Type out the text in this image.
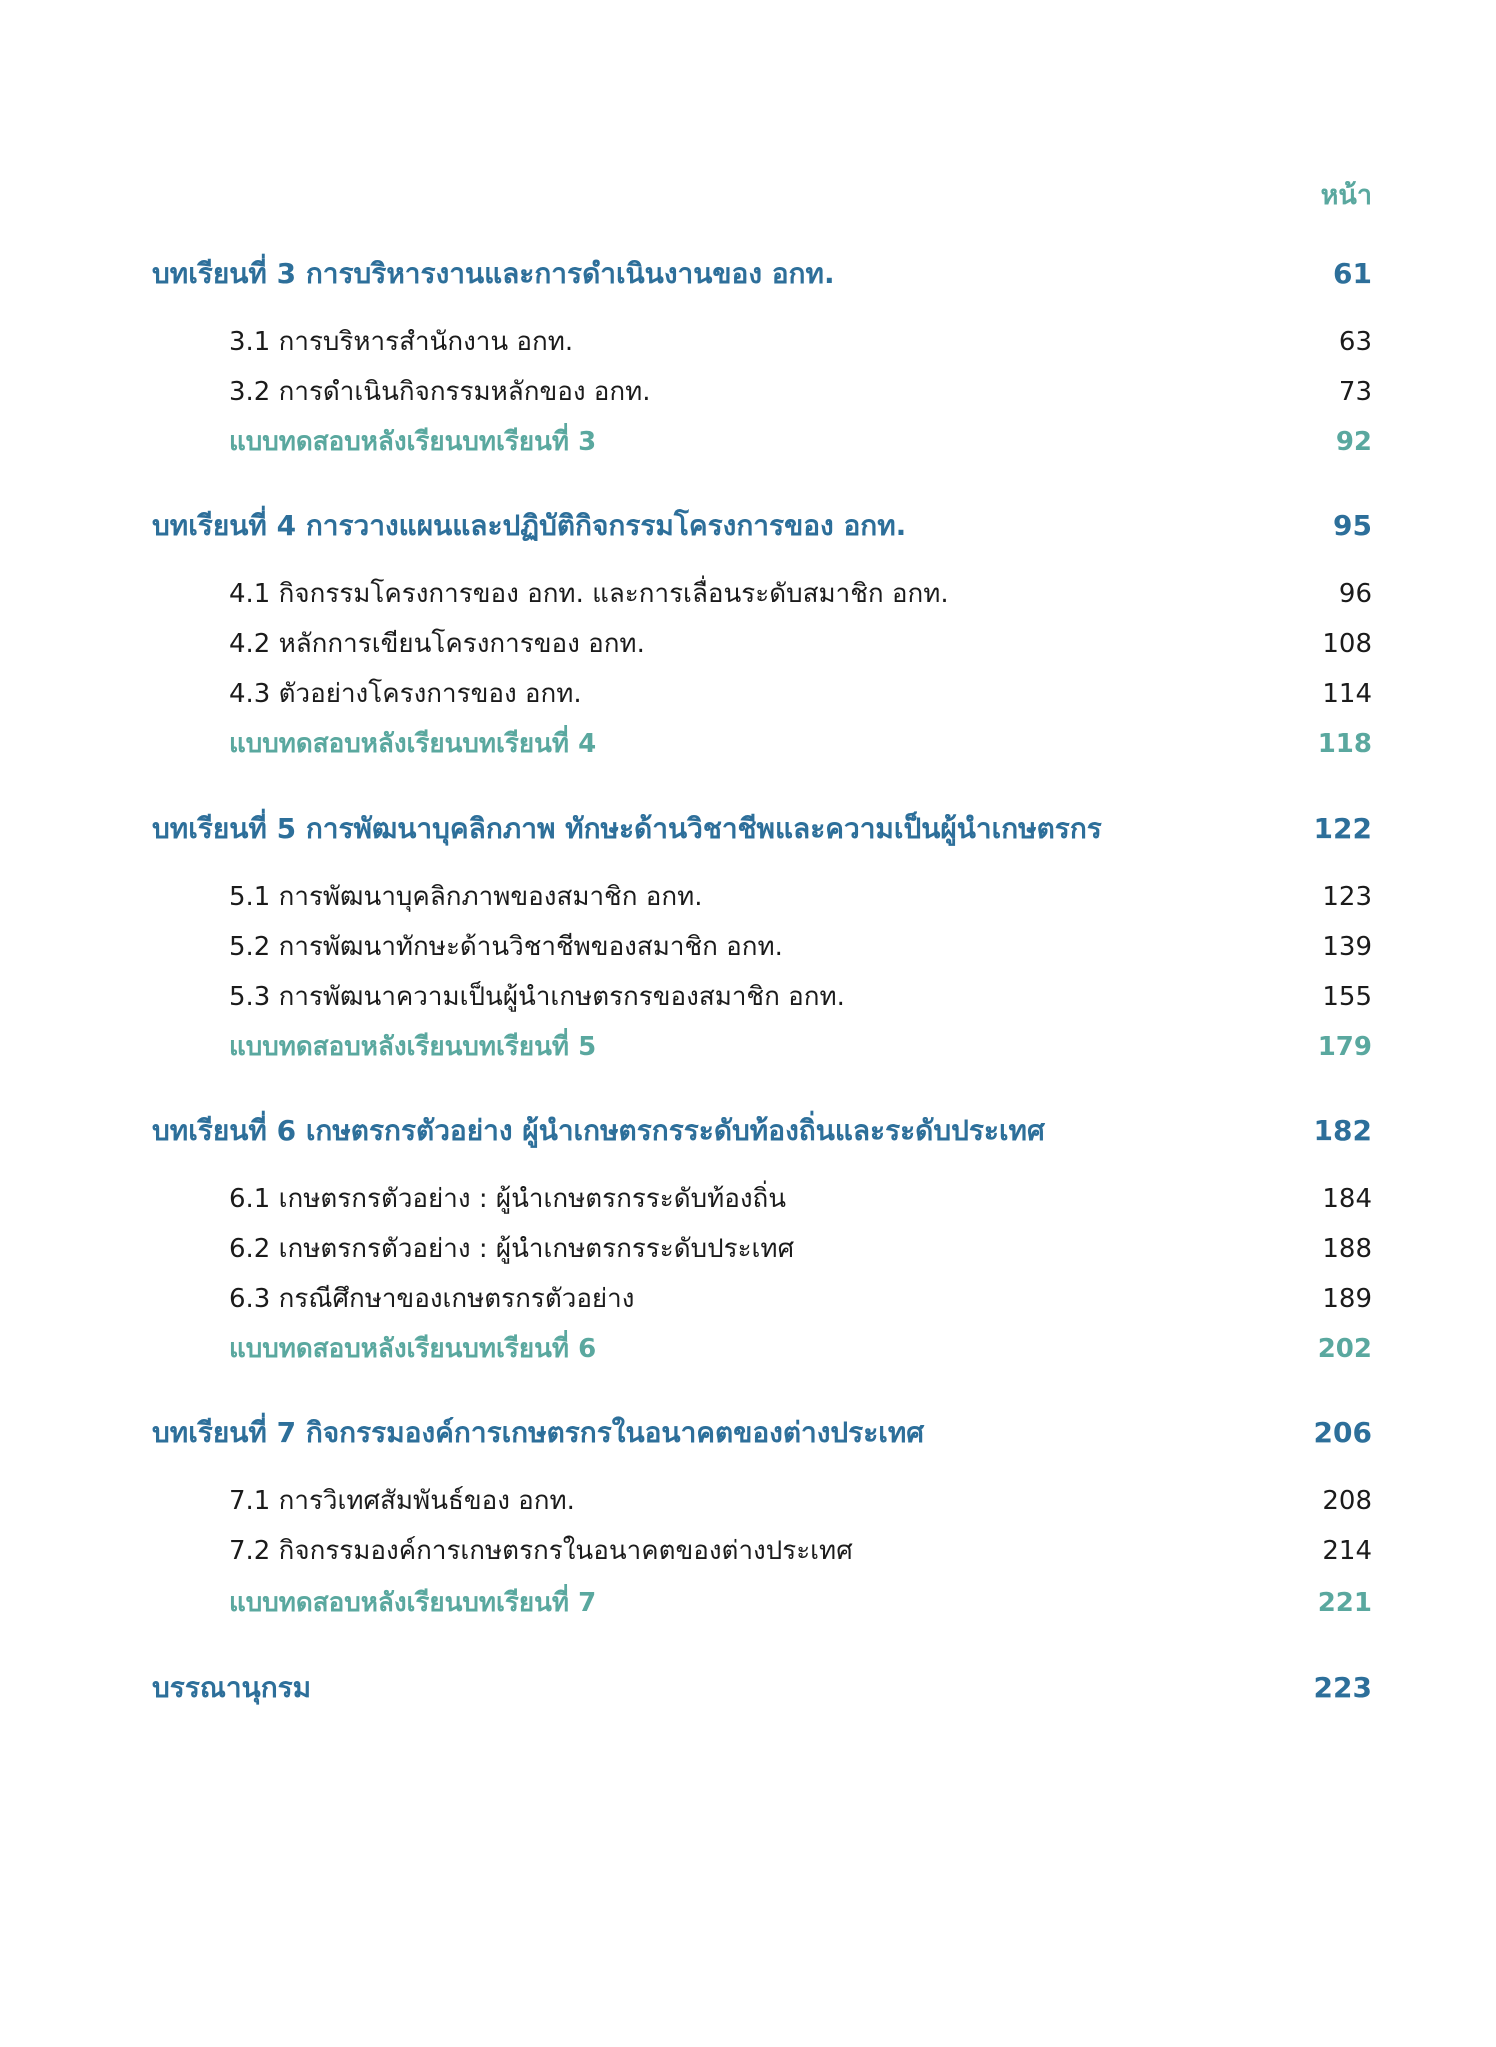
หน้า
บทเรียนที่ 3 การบริหารงานและการดำเนินงานของ อกท.	61
3.1 การบริหารสำนักงาน อกท.	63
3.2 การดำเนินกิจกรรมหลักของ อกท.	73
แบบทดสอบหลังเรียนบทเรียนที่ 3	92
บทเรียนที่ 4 การวางแผนและปฏิบัติกิจกรรมโครงการของ อกท.	95
4.1 กิจกรรมโครงการของ อกท. และการเลื่อนระดับสมาชิก อกท.	96
4.2 หลักการเขียนโครงการของ อกท.	108
4.3 ตัวอย่างโครงการของ อกท.	114
แบบทดสอบหลังเรียนบทเรียนที่ 4	118
บทเรียนที่ 5 การพัฒนาบุคลิกภาพ ทักษะด้านวิชาชีพและความเป็นผู้นำเกษตรกร	122
5.1 การพัฒนาบุคลิกภาพของสมาชิก อกท.	123
5.2 การพัฒนาทักษะด้านวิชาชีพของสมาชิก อกท.	139
5.3 การพัฒนาความเป็นผู้นำเกษตรกรของสมาชิก อกท.	155
แบบทดสอบหลังเรียนบทเรียนที่ 5	179
บทเรียนที่ 6 เกษตรกรตัวอย่าง ผู้นำเกษตรกรระดับท้องถิ่นและระดับประเทศ	182
6.1 เกษตรกรตัวอย่าง : ผู้นำเกษตรกรระดับท้องถิ่น	184
6.2 เกษตรกรตัวอย่าง : ผู้นำเกษตรกรระดับประเทศ	188
6.3 กรณีศึกษาของเกษตรกรตัวอย่าง	189
แบบทดสอบหลังเรียนบทเรียนที่ 6	202
บทเรียนที่ 7 กิจกรรมองค์การเกษตรกรในอนาคตของต่างประเทศ	206
7.1 การวิเทศสัมพันธ์ของ อกท.	208
7.2 กิจกรรมองค์การเกษตรกรในอนาคตของต่างประเทศ	214
แบบทดสอบหลังเรียนบทเรียนที่ 7	221
บรรณานุกรม	223
